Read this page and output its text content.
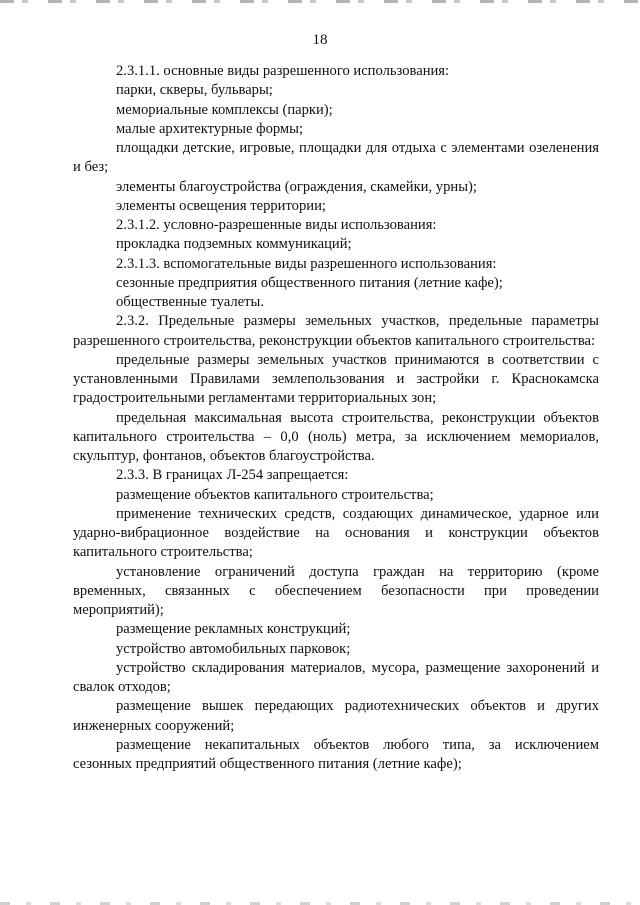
18

2.3.1.1. основные виды разрешенного использования:

парки, скверы, бульвары;

мемориальные комплексы (парки);

малые архитектурные формы;

площадки детские, игровые, площадки для отдыха с элементами озеленения и без;

элементы благоустройства (ограждения, скамейки, урны);

элементы освещения территории;

2.3.1.2. условно-разрешенные виды использования:

прокладка подземных коммуникаций;

2.3.1.3. вспомогательные виды разрешенного использования:

сезонные предприятия общественного питания (летние кафе);

общественные туалеты.

2.3.2. Предельные размеры земельных участков, предельные параметры разрешенного строительства, реконструкции объектов капитального строительства:

предельные размеры земельных участков принимаются в соответствии с установленными Правилами землепользования и застройки г. Краснокамска градостроительными регламентами территориальных зон;

предельная максимальная высота строительства, реконструкции объектов капитального строительства – 0,0 (ноль) метра, за исключением мемориалов, скульптур, фонтанов, объектов благоустройства.

2.3.3. В границах Л-254 запрещается:

размещение объектов капитального строительства;

применение технических средств, создающих динамическое, ударное или ударно-вибрационное воздействие на основания и конструкции объектов капитального строительства;

установление ограничений доступа граждан на территорию (кроме временных, связанных с обеспечением безопасности при проведении мероприятий);

размещение рекламных конструкций;

устройство автомобильных парковок;

устройство складирования материалов, мусора, размещение захоронений и свалок отходов;

размещение вышек передающих радиотехнических объектов и других инженерных сооружений;

размещение некапитальных объектов любого типа, за исключением сезонных предприятий общественного питания (летние кафе);
